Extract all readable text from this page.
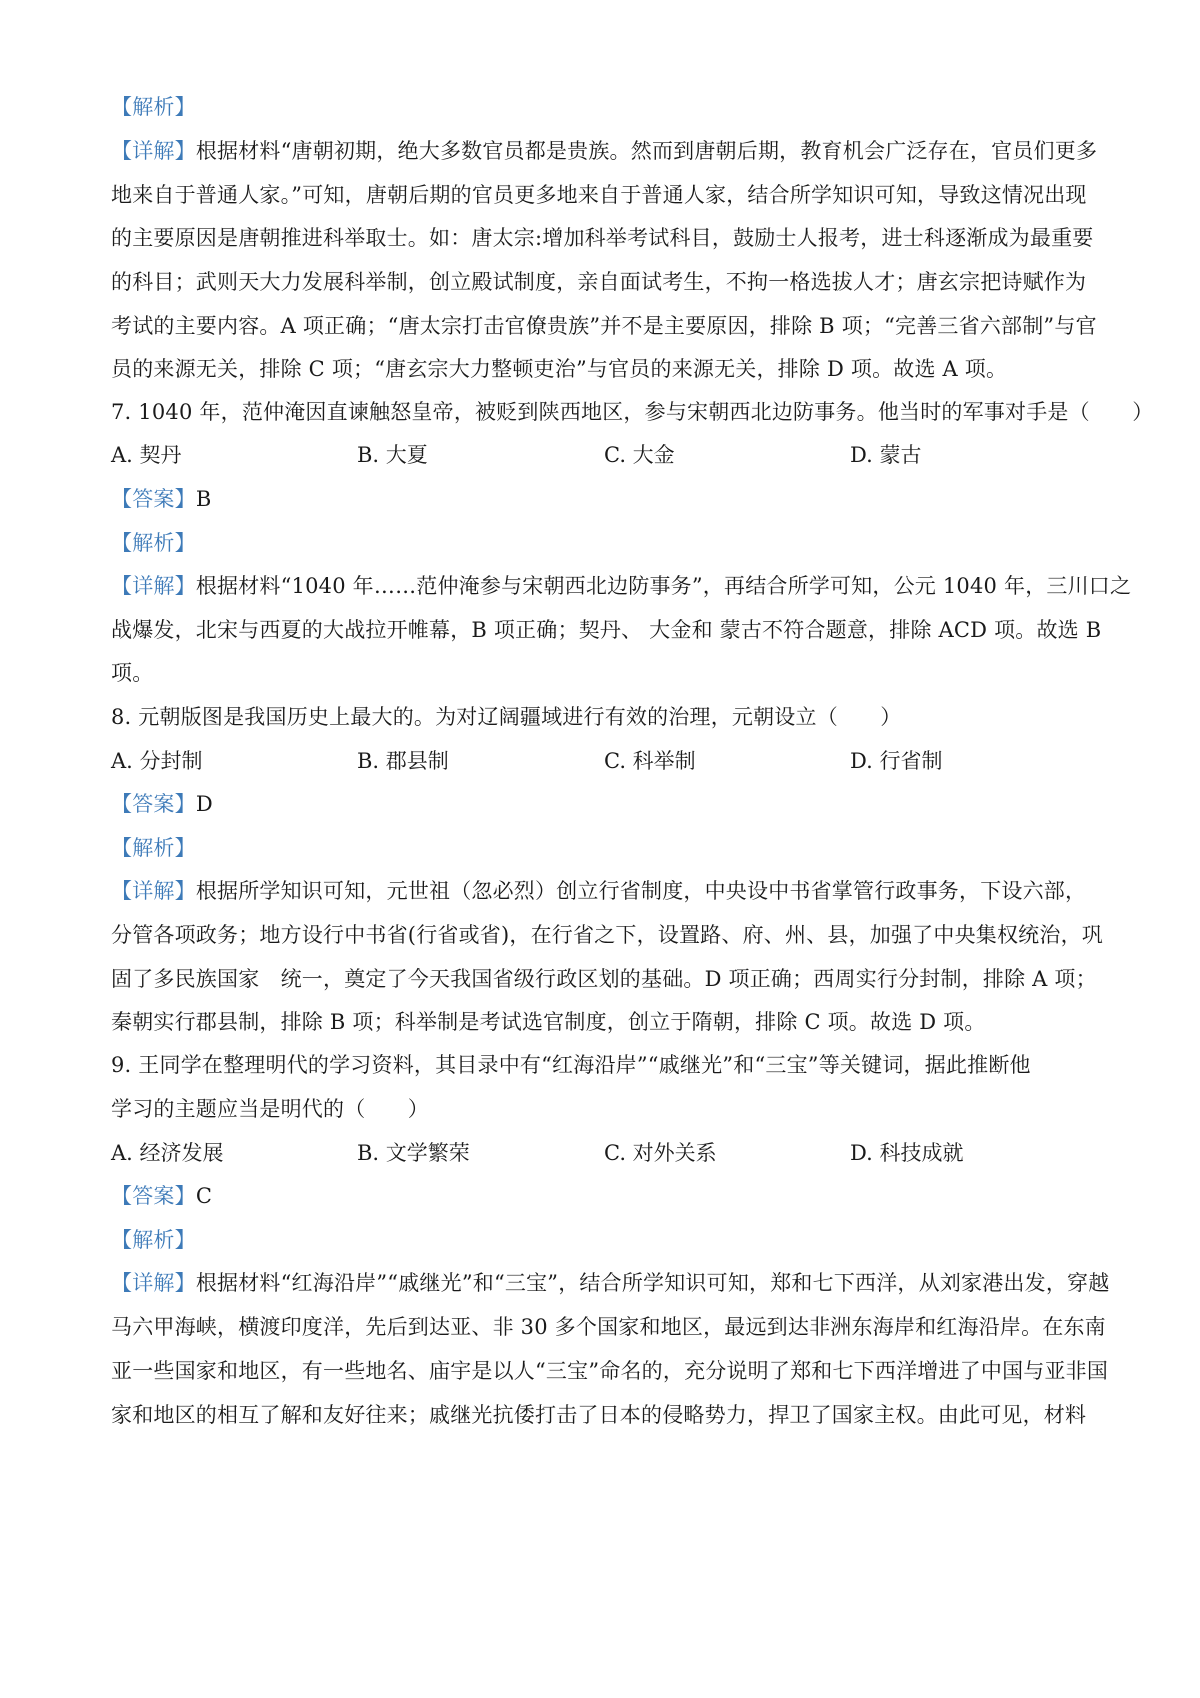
【解析】
【详解】根据材料“唐朝初期，绝大多数官员都是贵族。然而到唐朝后期，教育机会广泛存在，官员们更多
地来自于普通人家。”可知，唐朝后期的官员更多地来自于普通人家，结合所学知识可知，导致这情况出现
的主要原因是唐朝推进科举取士。如：唐太宗:增加科举考试科目，鼓励士人报考，进士科逐渐成为最重要
的科目；武则天大力发展科举制，创立殿试制度，亲自面试考生，不拘一格选拔人才；唐玄宗把诗赋作为
考试的主要内容。A 项正确；“唐太宗打击官僚贵族”并不是主要原因，排除 B 项；“完善三省六部制”与官
员的来源无关，排除 C 项；“唐玄宗大力整顿吏治”与官员的来源无关，排除 D 项。故选 A 项。
7. 1040 年，范仲淹因直谏触怒皇帝，被贬到陕西地区，参与宋朝西北边防事务。他当时的军事对手是（　　）
A. 契丹	B. 大夏	C. 大金	D. 蒙古
【答案】B
【解析】
【详解】根据材料“1040 年……范仲淹参与宋朝西北边防事务”，再结合所学可知，公元 1040 年，三川口之
战爆发，北宋与西夏的大战拉开帷幕，B 项正确；契丹、 大金和 蒙古不符合题意，排除 ACD 项。故选 B
项。
8. 元朝版图是我国历史上最大的。为对辽阔疆域进行有效的治理，元朝设立（　　）
A. 分封制	B. 郡县制	C. 科举制	D. 行省制
【答案】D
【解析】
【详解】根据所学知识可知，元世祖（忽必烈）创立行省制度，中央设中书省掌管行政事务，下设六部，
分管各项政务；地方设行中书省(行省或省)，在行省之下，设置路、府、州、县，加强了中央集权统治，巩
固了多民族国家　统一，奠定了今天我国省级行政区划的基础。D 项正确；西周实行分封制，排除 A 项；
秦朝实行郡县制，排除 B 项；科举制是考试选官制度，创立于隋朝，排除 C 项。故选 D 项。
9. 王同学在整理明代的学习资料，其目录中有“红海沿岸”“戚继光”和“三宝”等关键词，据此推断他
学习的主题应当是明代的（　　）
A. 经济发展	B. 文学繁荣	C. 对外关系	D. 科技成就
【答案】C
【解析】
【详解】根据材料“红海沿岸”“戚继光”和“三宝”，结合所学知识可知，郑和七下西洋，从刘家港出发，穿越
马六甲海峡，横渡印度洋，先后到达亚、非 30 多个国家和地区，最远到达非洲东海岸和红海沿岸。在东南
亚一些国家和地区，有一些地名、庙宇是以人“三宝”命名的，充分说明了郑和七下西洋增进了中国与亚非国
家和地区的相互了解和友好往来；戚继光抗倭打击了日本的侵略势力，捍卫了国家主权。由此可见，材料
